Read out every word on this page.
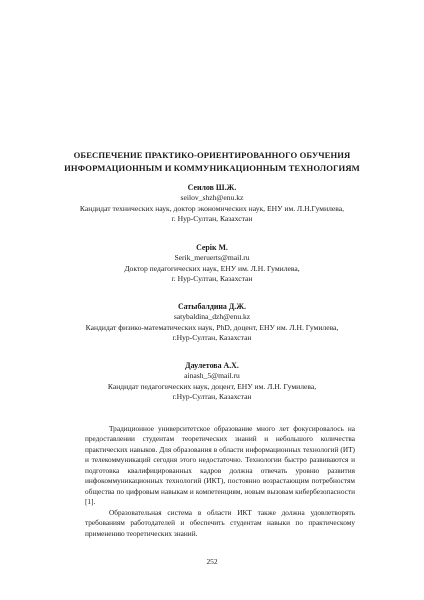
ОБЕСПЕЧЕНИЕ ПРАКТИКО-ОРИЕНТИРОВАННОГО ОБУЧЕНИЯ
ИНФОРМАЦИОННЫМ И КОММУНИКАЦИОННЫМ ТЕХНОЛОГИЯМ
Сеилов Ш.Ж.
seilov_shzh@enu.kz
Кандидат технических наук, доктор экономических наук, ЕНУ им. Л.Н.Гумилева,
г. Нур-Султан, Казахстан
Серік М.
Serik_meruerts@mail.ru
Доктор педагогических наук, ЕНУ им. Л.Н. Гумилева,
г. Нур-Султан, Казахстан
Сатыбалдина Д.Ж.
satybaldina_dzh@enu.kz
Кандидат физико-математических наук, PhD, доцент, ЕНУ им. Л.Н. Гумилева,
г.Нур-Султан, Казахстан
Даулетова А.Х.
ainash_5@mail.ru
Кандидат педагогических наук, доцент, ЕНУ им. Л.Н. Гумилева,
г.Нур-Султан, Казахстан

Традиционное университетское образование много лет фокусировалось на предоставлении студентам теоретических знаний и небольшого количества практических навыков. Для образования в области информационных технологий (ИТ) и телекоммуникаций сегодня этого недостаточно. Технологии быстро развиваются и подготовка квалифицированных кадров должна отвечать уровню развития инфокоммуникационных технологий (ИКТ), постоянно возрастающим потребностям общества по цифровым навыкам и компетенциям, новым вызовам кибербезопасности [1].

Образовательная система в области ИКТ также должна удовлетворять требованиям работодателей и обеспечить студентам навыки по практическому применению теоретических знаний.

252
